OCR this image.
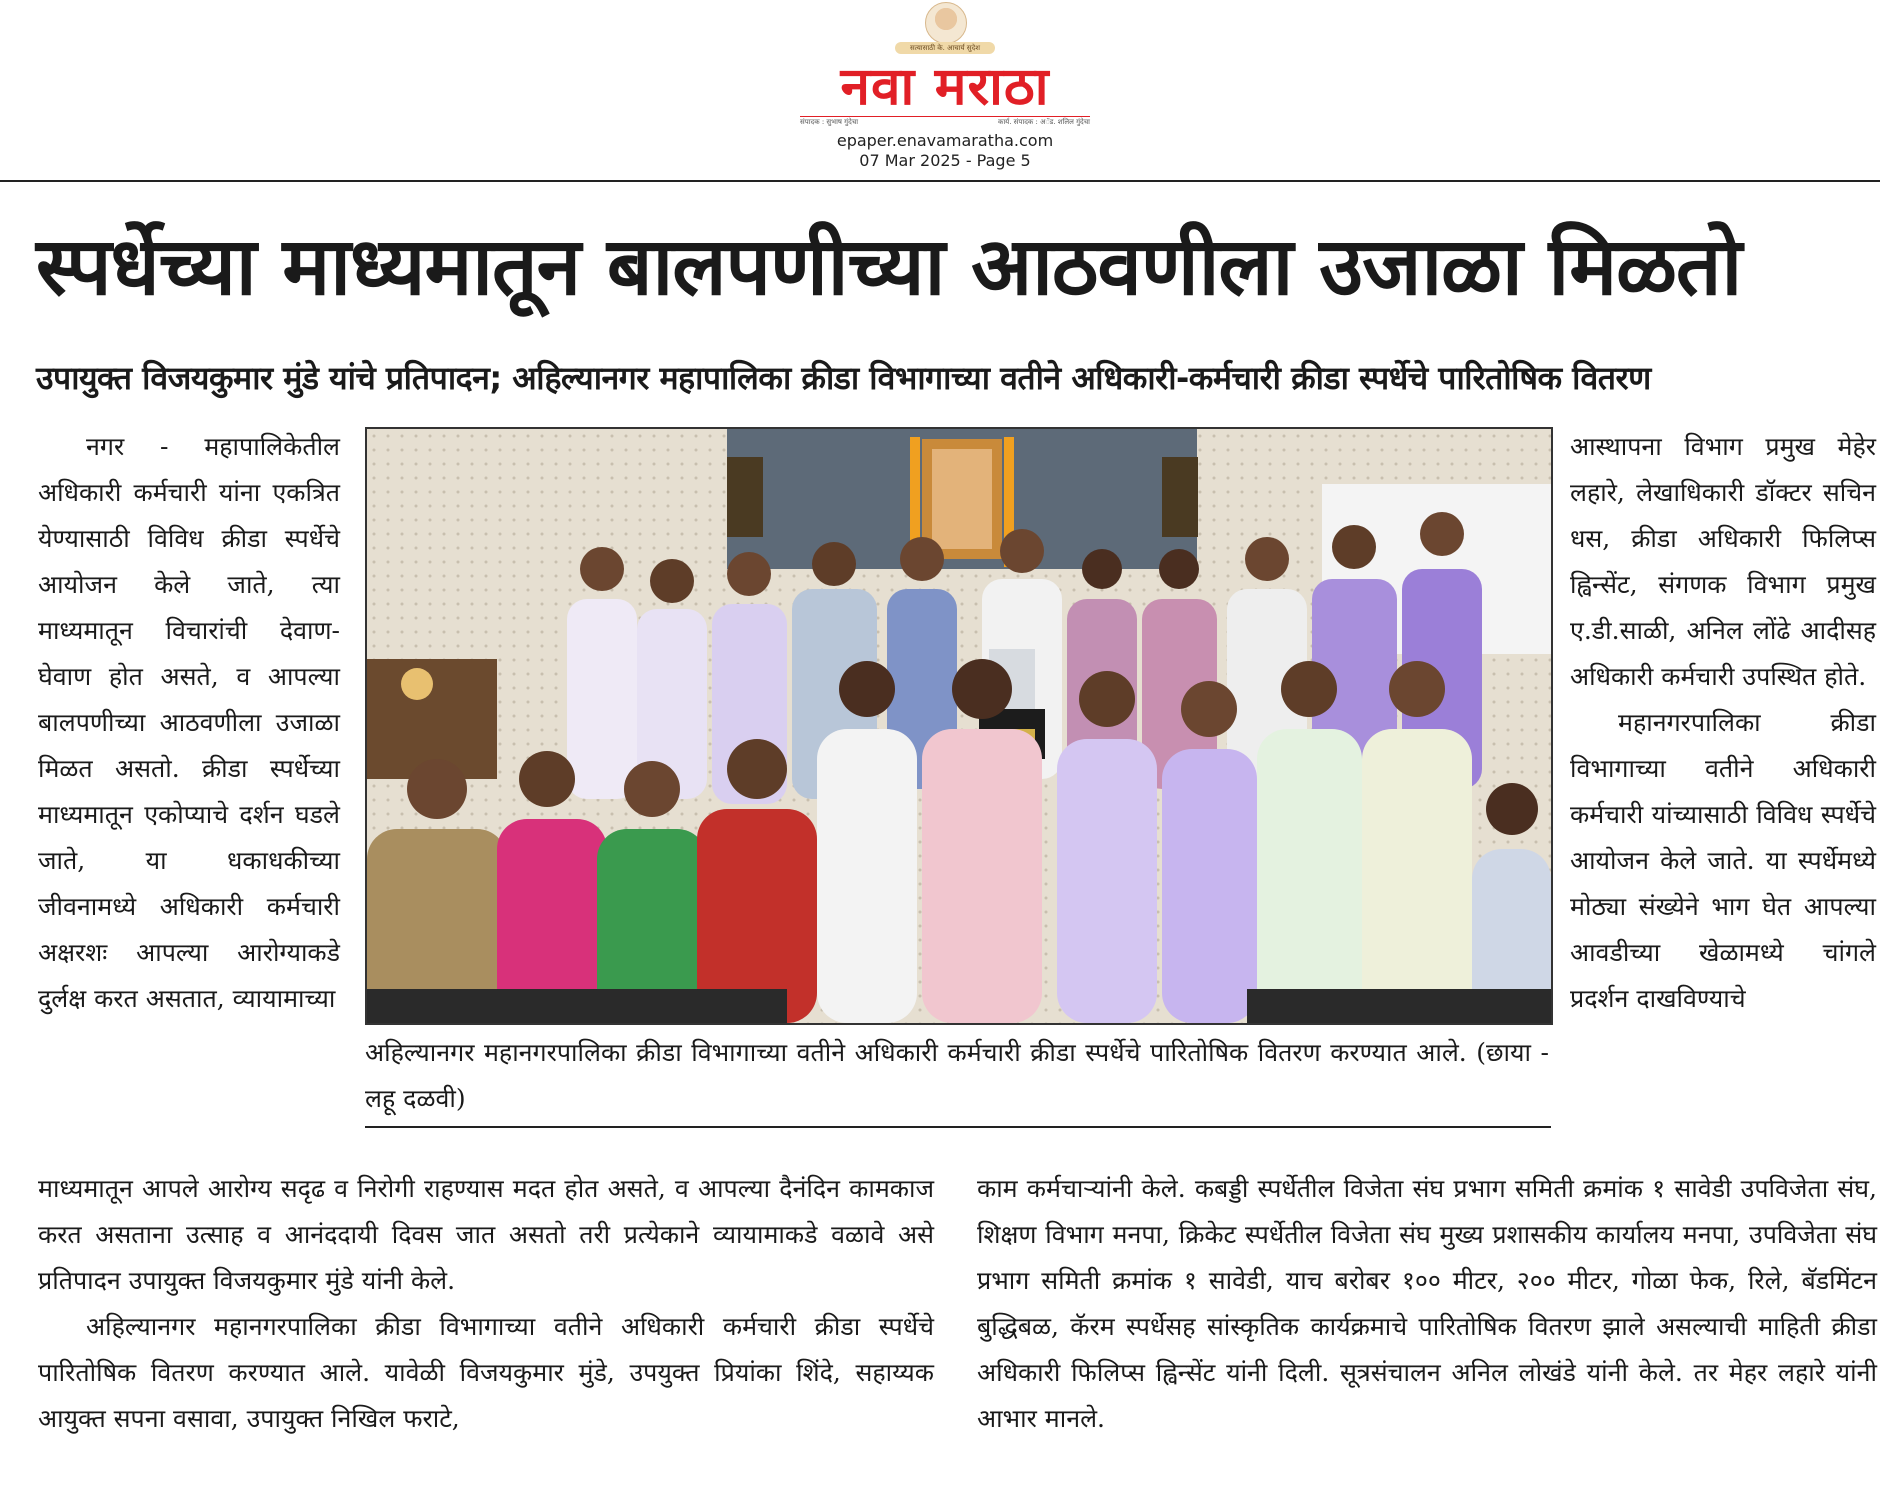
सत्यासाठी के. आचार्य सुदेश
नवा मराठा
संपादक : सुभाष गुंदेचा	कार्य. संपादक : अॅड. शलिल गुंदेचा
epaper.enavamaratha.com
07 Mar 2025 - Page 5
स्पर्धेच्या माध्यमातून बालपणीच्या आठवणीला उजाळा मिळतो
उपायुक्त विजयकुमार मुंडे यांचे प्रतिपादन; अहिल्यानगर महापालिका क्रीडा विभागाच्या वतीने अधिकारी-कर्मचारी क्रीडा स्पर्धेचे पारितोषिक वितरण

नगर - महापालिकेतील अधिकारी कर्मचारी यांना एकत्रित येण्यासाठी विविध क्रीडा स्पर्धेचे आयोजन केले जाते, त्या माध्यमातून विचारांची देवाण-घेवाण होत असते, व आपल्या बालपणीच्या आठवणीला उजाळा मिळत असतो. क्रीडा स्पर्धेच्या माध्यमातून एकोप्याचे दर्शन घडले जाते, या धकाधकीच्या जीवनामध्ये अधिकारी कर्मचारी अक्षरशः आपल्या आरोग्याकडे दुर्लक्ष करत असतात, व्यायामाच्या

अहिल्यानगर महानगरपालिका क्रीडा विभागाच्या वतीने अधिकारी कर्मचारी क्रीडा स्पर्धेचे पारितोषिक वितरण करण्यात आले. (छाया - लहू दळवी)

आस्थापना विभाग प्रमुख मेहेर लहारे, लेखाधिकारी डॉक्टर सचिन धस, क्रीडा अधिकारी फिलिप्स ह्विन्सेंट, संगणक विभाग प्रमुख ए.डी.साळी, अनिल लोंढे आदीसह अधिकारी कर्मचारी उपस्थित होते.

महानगरपालिका क्रीडा विभागाच्या वतीने अधिकारी कर्मचारी यांच्यासाठी विविध स्पर्धेचे आयोजन केले जाते. या स्पर्धेमध्ये मोठ्या संख्येने भाग घेत आपल्या आवडीच्या खेळामध्ये चांगले प्रदर्शन दाखविण्याचे

माध्यमातून आपले आरोग्य सदृढ व निरोगी राहण्यास मदत होत असते, व आपल्या दैनंदिन कामकाज करत असताना उत्साह व आनंददायी दिवस जात असतो तरी प्रत्येकाने व्यायामाकडे वळावे असे प्रतिपादन उपायुक्त विजयकुमार मुंडे यांनी केले.

अहिल्यानगर महानगरपालिका क्रीडा विभागाच्या वतीने अधिकारी कर्मचारी क्रीडा स्पर्धेचे पारितोषिक वितरण करण्यात आले. यावेळी विजयकुमार मुंडे, उपयुक्त प्रियांका शिंदे, सहाय्यक आयुक्त सपना वसावा, उपायुक्त निखिल फराटे,

काम कर्मचाऱ्यांनी केले. कबड्डी स्पर्धेतील विजेता संघ प्रभाग समिती क्रमांक १ सावेडी उपविजेता संघ, शिक्षण विभाग मनपा, क्रिकेट स्पर्धेतील विजेता संघ मुख्य प्रशासकीय कार्यालय मनपा, उपविजेता संघ प्रभाग समिती क्रमांक १ सावेडी, याच बरोबर १०० मीटर, २०० मीटर, गोळा फेक, रिले, बॅडमिंटन बुद्धिबळ, कॅरम स्पर्धेसह सांस्कृतिक कार्यक्रमाचे पारितोषिक वितरण झाले असल्याची माहिती क्रीडा अधिकारी फिलिप्स ह्विन्सेंट यांनी दिली. सूत्रसंचालन अनिल लोखंडे यांनी केले. तर मेहर लहारे यांनी आभार मानले.
